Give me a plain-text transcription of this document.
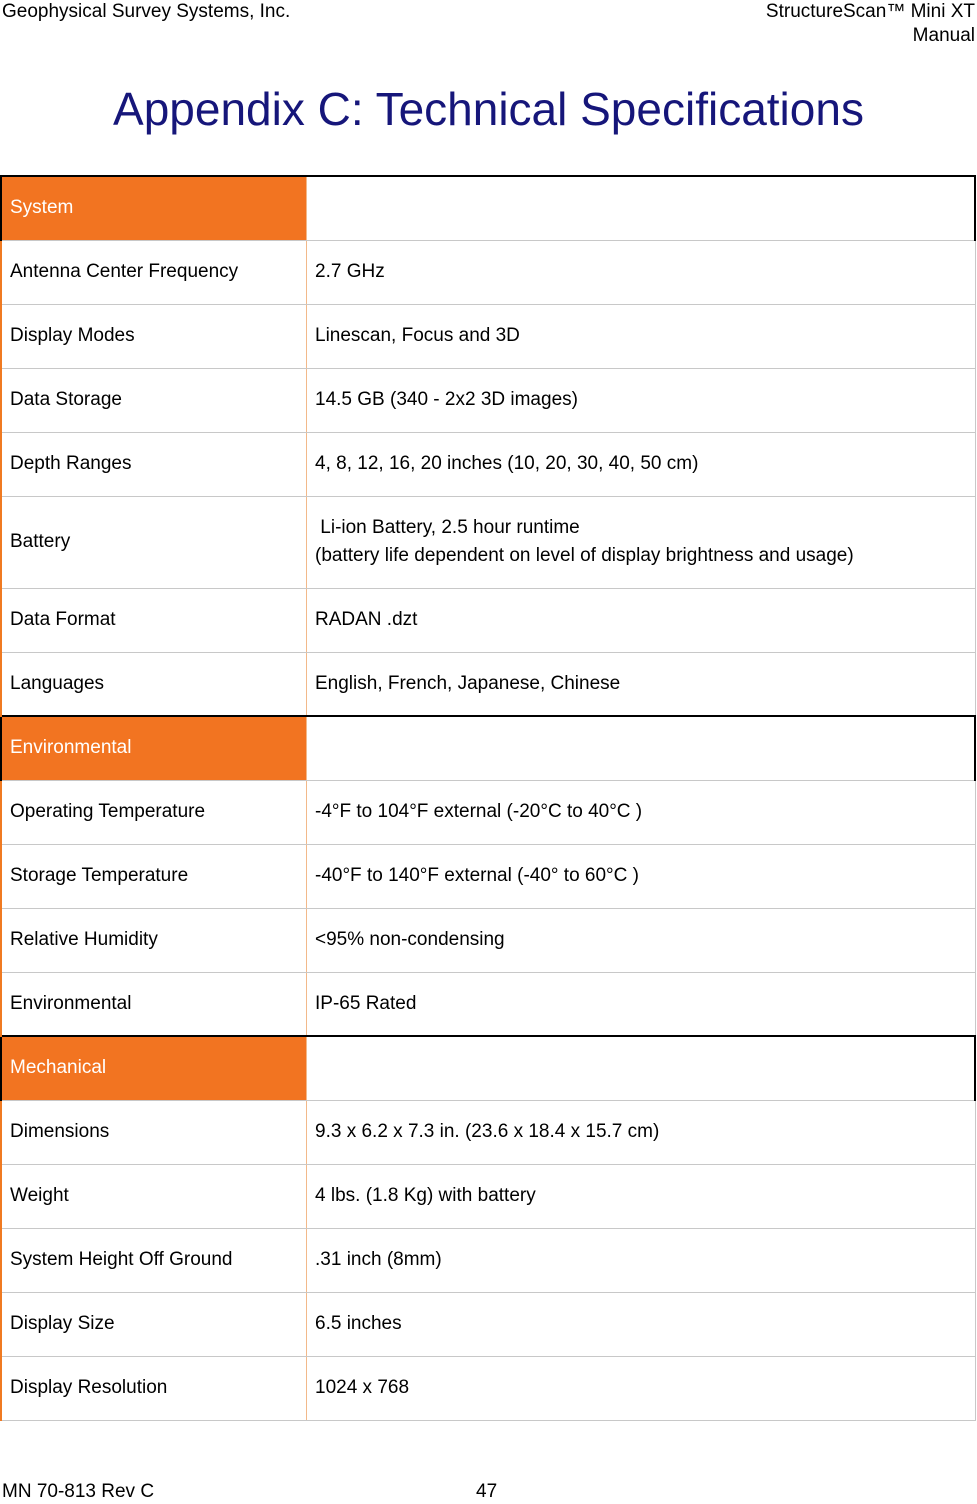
Geophysical Survey Systems, Inc.	StructureScan™ Mini XT
Manual
Appendix C: Technical Specifications
System	
Antenna Center Frequency	2.7 GHz
Display Modes	Linescan, Focus and 3D
Data Storage	14.5 GB (340 - 2x2 3D images)
Depth Ranges	4, 8, 12, 16, 20 inches (10, 20, 30, 40, 50 cm)
Battery	Li-ion Battery, 2.5 hour runtime
(battery life dependent on level of display brightness and usage)

Data Format	RADAN .dzt
Languages	English, French, Japanese, Chinese
Environmental	
Operating Temperature	-4°F to 104°F external (-20°C to 40°C )
Storage Temperature	-40°F to 140°F external (-40° to 60°C )
Relative Humidity	<95% non-condensing
Environmental	IP-65 Rated
Mechanical	
Dimensions	9.3 x 6.2 x 7.3 in. (23.6 x 18.4 x 15.7 cm)
Weight	4 lbs. (1.8 Kg) with battery
System Height Off Ground	.31 inch (8mm)
Display Size	6.5 inches
Display Resolution	1024 x 768
MN 70-813 Rev C	47
